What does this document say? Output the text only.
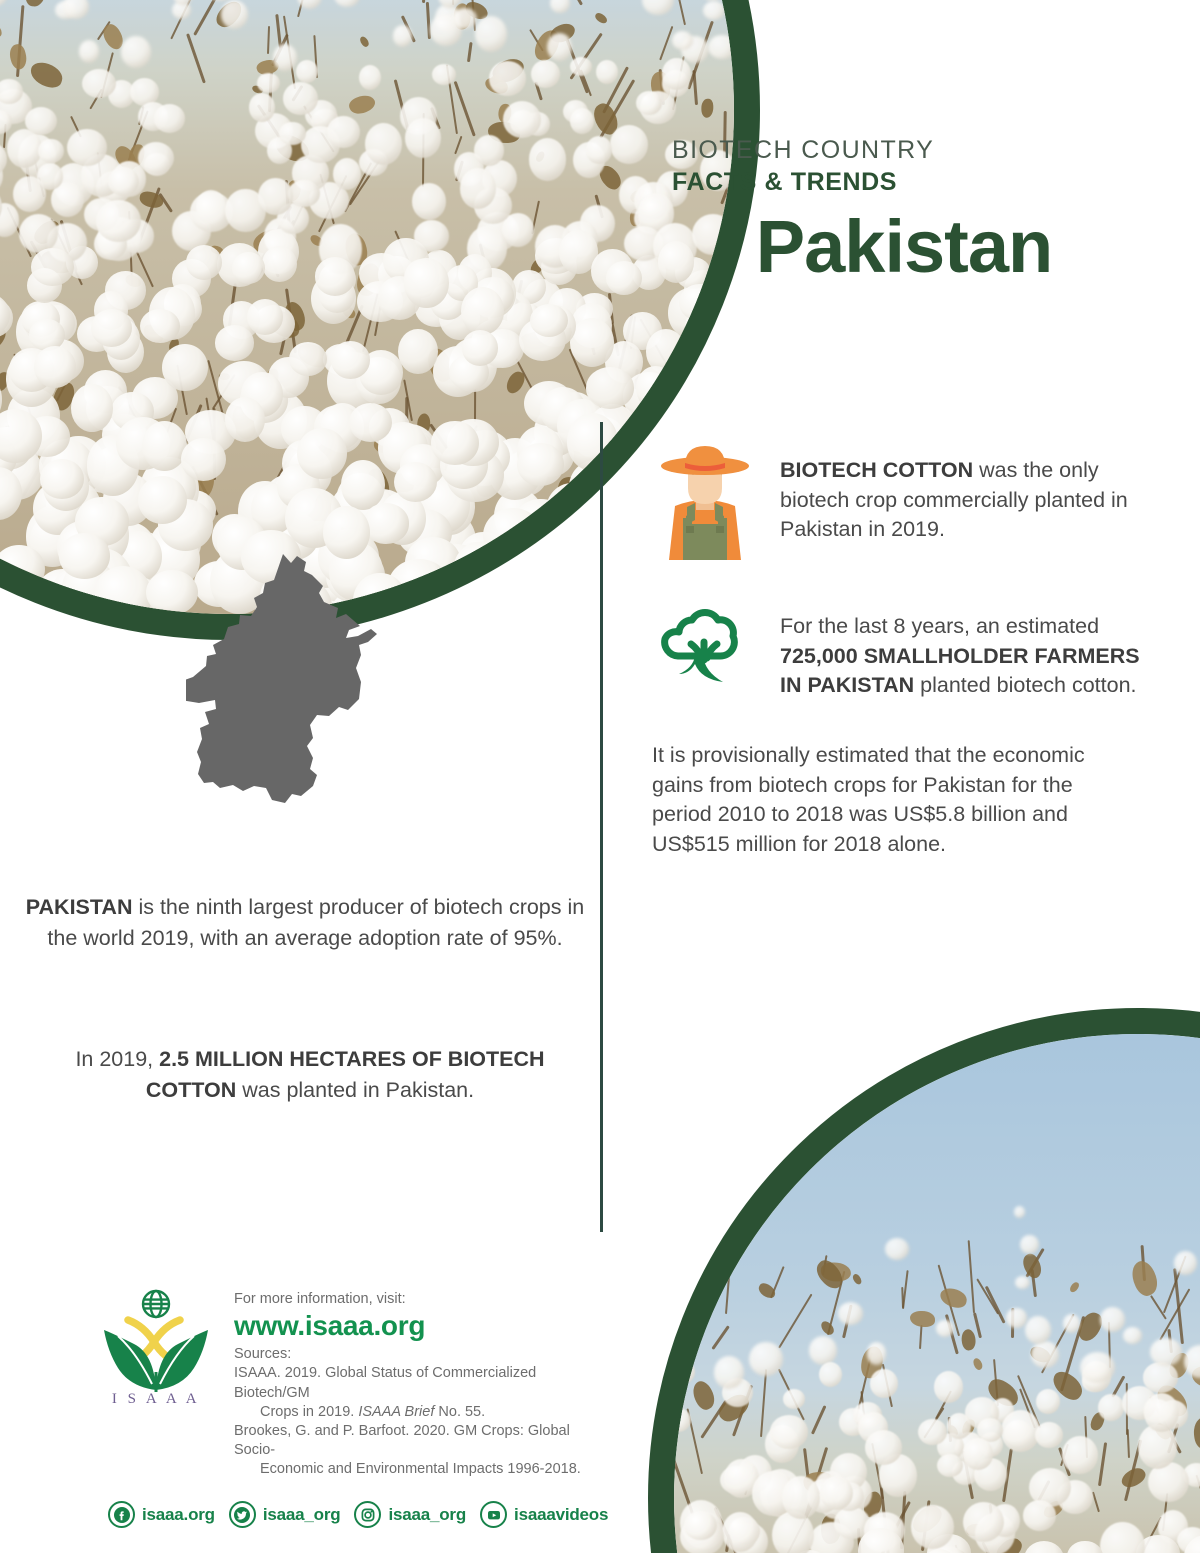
BIOTECH COUNTRY
FACTS & TRENDS
Pakistan
BIOTECH COTTON was the only biotech crop commercially planted in Pakistan in 2019.
For the last 8 years, an estimated 725,000 SMALLHOLDER FARMERS IN PAKISTAN planted biotech cotton.
It is provisionally estimated that the economic gains from biotech crops for Pakistan for the period 2010 to 2018 was US$5.8 billion and US$515 million for 2018 alone.
PAKISTAN is the ninth largest producer of biotech crops in the world 2019, with an average adoption rate of 95%.
In 2019, 2.5 MILLION HECTARES OF BIOTECH COTTON was planted in Pakistan.
I S A A A
For more information, visit:
www.isaaa.org
Sources:
ISAAA. 2019. Global Status of Commercialized Biotech/GM
Crops in 2019. ISAAA Brief No. 55.
Brookes, G. and P. Barfoot. 2020. GM Crops: Global Socio-
Economic and Environmental Impacts 1996-2018.
isaaa.org	isaaa_org	isaaa_org	isaaavideos
